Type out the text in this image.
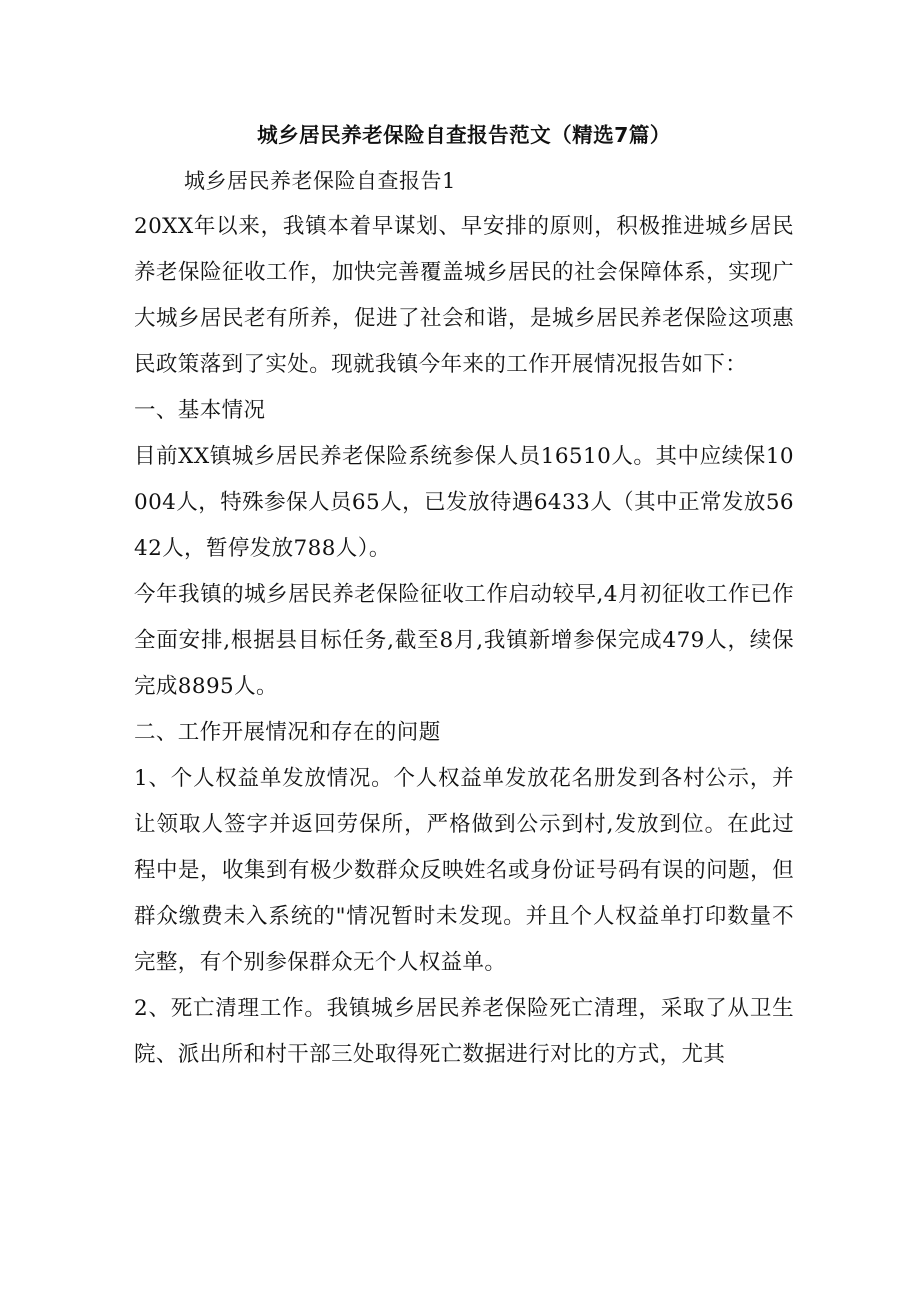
城乡居民养老保险自查报告范文（精选7篇）
城乡居民养老保险自查报告1

20XX年以来，我镇本着早谋划、早安排的原则，积极推进城乡居民养老保险征收工作，加快完善覆盖城乡居民的社会保障体系，实现广大城乡居民老有所养，促进了社会和谐，是城乡居民养老保险这项惠民政策落到了实处。现就我镇今年来的工作开展情况报告如下：

一、基本情况

目前XX镇城乡居民养老保险系统参保人员16510人。其中应续保10004人，特殊参保人员65人，已发放待遇6433人（其中正常发放5642人，暂停发放788人）。

今年我镇的城乡居民养老保险征收工作启动较早,4月初征收工作已作全面安排,根据县目标任务,截至8月,我镇新增参保完成479人，续保完成8895人。

二、工作开展情况和存在的问题

1、个人权益单发放情况。个人权益单发放花名册发到各村公示，并让领取人签字并返回劳保所，严格做到公示到村,发放到位。在此过程中是，收集到有极少数群众反映姓名或身份证号码有误的问题，但群众缴费未入系统的"情况暂时未发现。并且个人权益单打印数量不完整，有个别参保群众无个人权益单。

2、死亡清理工作。我镇城乡居民养老保险死亡清理，采取了从卫生院、派出所和村干部三处取得死亡数据进行对比的方式，尤其
